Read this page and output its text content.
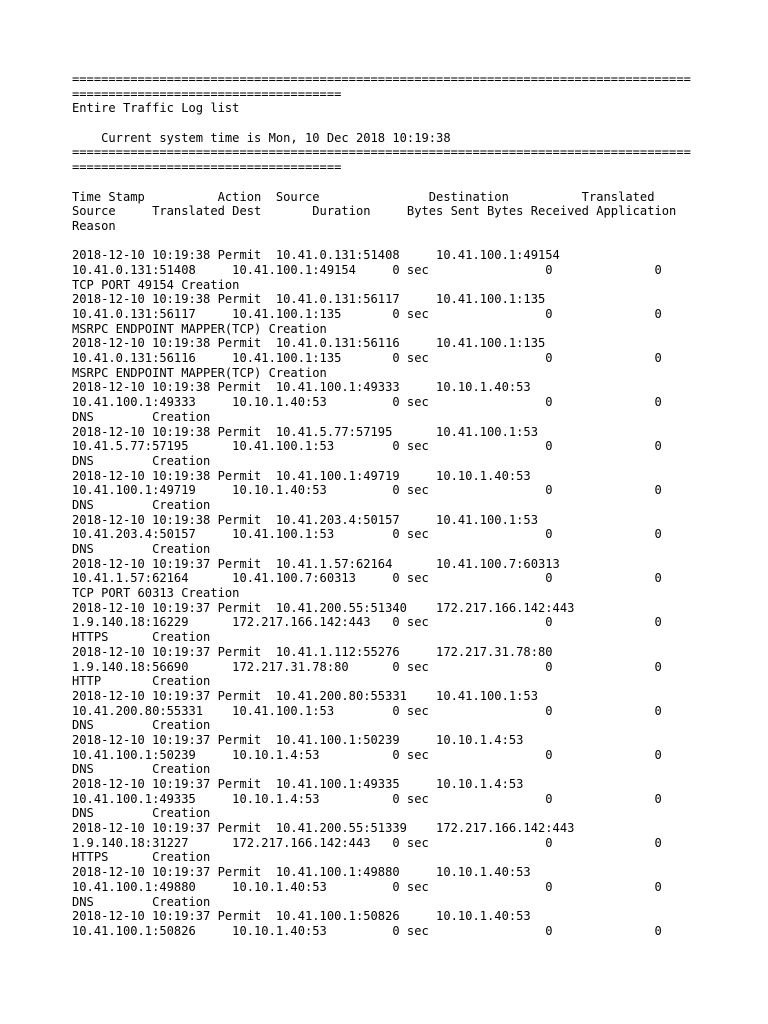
=====================================================================================
=====================================
Entire Traffic Log list
Current system time is Mon, 10 Dec 2018 10:19:38
=====================================================================================
=====================================
Time Stamp          Action  Source               Destination          Translated
Source     Translated Dest       Duration     Bytes Sent Bytes Received Application
Reason
2018-12-10 10:19:38 Permit  10.41.0.131:51408     10.41.100.1:49154
10.41.0.131:51408     10.41.100.1:49154     0 sec                0              0
TCP PORT 49154 Creation
2018-12-10 10:19:38 Permit  10.41.0.131:56117     10.41.100.1:135
10.41.0.131:56117     10.41.100.1:135       0 sec                0              0
MSRPC ENDPOINT MAPPER(TCP) Creation
2018-12-10 10:19:38 Permit  10.41.0.131:56116     10.41.100.1:135
10.41.0.131:56116     10.41.100.1:135       0 sec                0              0
MSRPC ENDPOINT MAPPER(TCP) Creation
2018-12-10 10:19:38 Permit  10.41.100.1:49333     10.10.1.40:53
10.41.100.1:49333     10.10.1.40:53         0 sec                0              0
DNS        Creation
2018-12-10 10:19:38 Permit  10.41.5.77:57195      10.41.100.1:53
10.41.5.77:57195      10.41.100.1:53        0 sec                0              0
DNS        Creation
2018-12-10 10:19:38 Permit  10.41.100.1:49719     10.10.1.40:53
10.41.100.1:49719     10.10.1.40:53         0 sec                0              0
DNS        Creation
2018-12-10 10:19:38 Permit  10.41.203.4:50157     10.41.100.1:53
10.41.203.4:50157     10.41.100.1:53        0 sec                0              0
DNS        Creation
2018-12-10 10:19:37 Permit  10.41.1.57:62164      10.41.100.7:60313
10.41.1.57:62164      10.41.100.7:60313     0 sec                0              0
TCP PORT 60313 Creation
2018-12-10 10:19:37 Permit  10.41.200.55:51340    172.217.166.142:443
1.9.140.18:16229      172.217.166.142:443   0 sec                0              0
HTTPS      Creation
2018-12-10 10:19:37 Permit  10.41.1.112:55276     172.217.31.78:80
1.9.140.18:56690      172.217.31.78:80      0 sec                0              0
HTTP       Creation
2018-12-10 10:19:37 Permit  10.41.200.80:55331    10.41.100.1:53
10.41.200.80:55331    10.41.100.1:53        0 sec                0              0
DNS        Creation
2018-12-10 10:19:37 Permit  10.41.100.1:50239     10.10.1.4:53
10.41.100.1:50239     10.10.1.4:53          0 sec                0              0
DNS        Creation
2018-12-10 10:19:37 Permit  10.41.100.1:49335     10.10.1.4:53
10.41.100.1:49335     10.10.1.4:53          0 sec                0              0
DNS        Creation
2018-12-10 10:19:37 Permit  10.41.200.55:51339    172.217.166.142:443
1.9.140.18:31227      172.217.166.142:443   0 sec                0              0
HTTPS      Creation
2018-12-10 10:19:37 Permit  10.41.100.1:49880     10.10.1.40:53
10.41.100.1:49880     10.10.1.40:53         0 sec                0              0
DNS        Creation
2018-12-10 10:19:37 Permit  10.41.100.1:50826     10.10.1.40:53
10.41.100.1:50826     10.10.1.40:53         0 sec                0              0
